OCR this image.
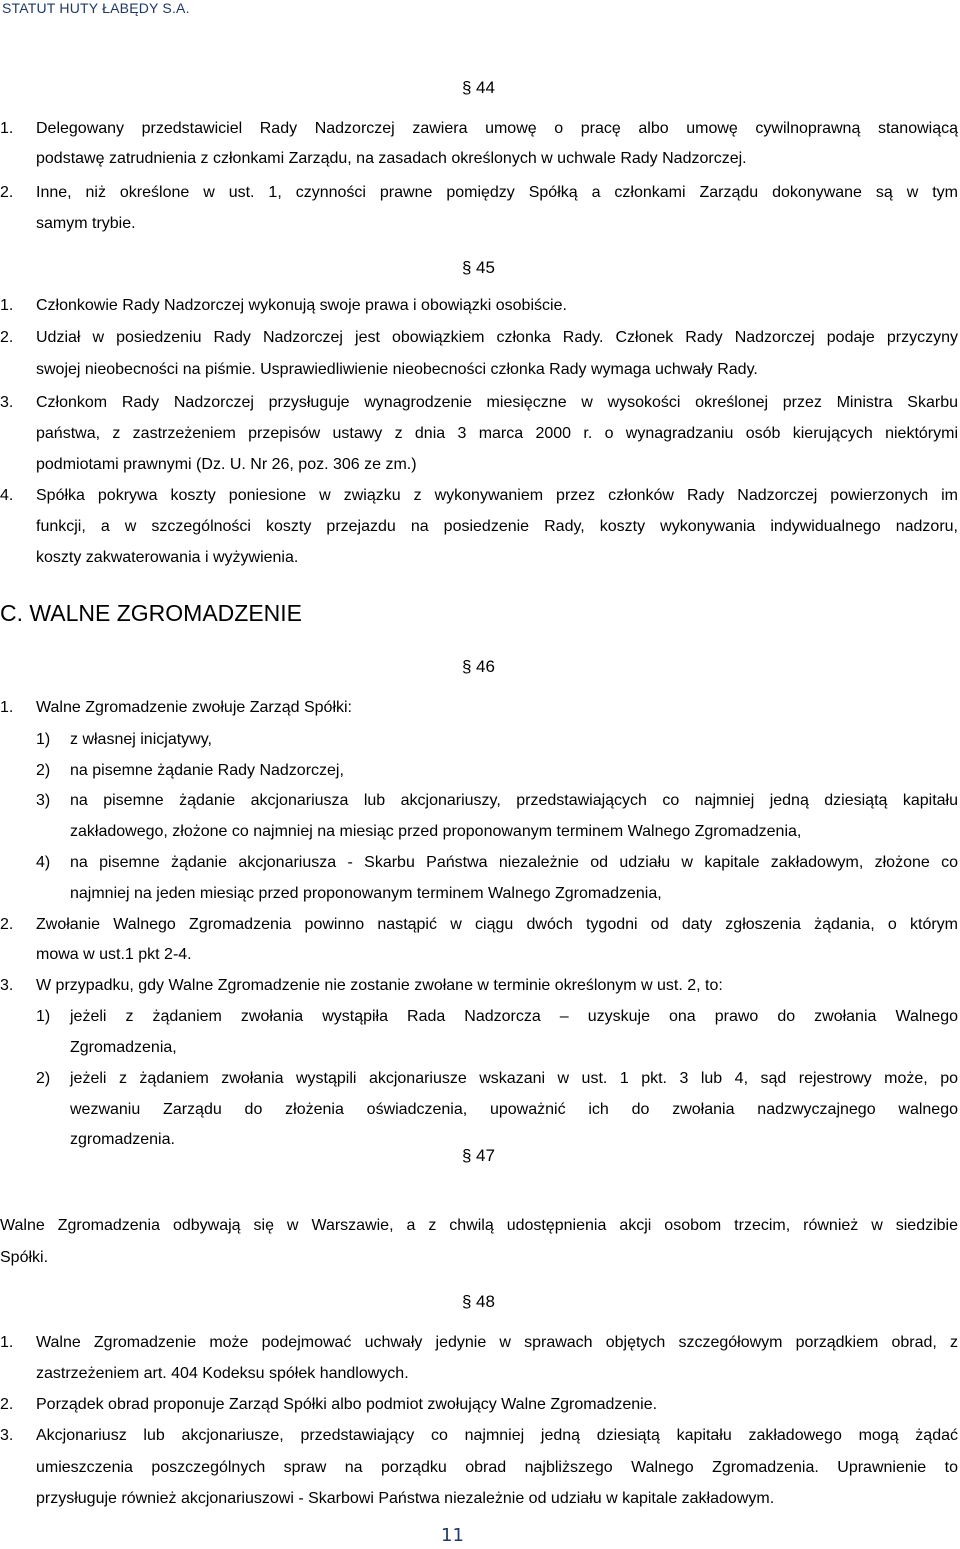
STATUT HUTY ŁABĘDY S.A.
§ 44
1. Delegowany przedstawiciel Rady Nadzorczej zawiera umowę o pracę albo umowę cywilnoprawną stanowiącą
podstawę zatrudnienia z członkami Zarządu, na zasadach określonych w uchwale Rady Nadzorczej.
2. Inne, niż określone w ust. 1, czynności prawne pomiędzy Spółką a członkami Zarządu dokonywane są w tym
samym trybie.
§ 45
1. Członkowie Rady Nadzorczej wykonują swoje prawa i obowiązki osobiście.
2. Udział w posiedzeniu Rady Nadzorczej jest obowiązkiem członka Rady. Członek Rady Nadzorczej podaje przyczyny
swojej nieobecności na piśmie. Usprawiedliwienie nieobecności członka Rady wymaga uchwały Rady.
3. Członkom Rady Nadzorczej przysługuje wynagrodzenie miesięczne w wysokości określonej przez Ministra Skarbu
państwa, z zastrzeżeniem przepisów ustawy z dnia 3 marca 2000 r. o wynagradzaniu osób kierujących niektórymi
podmiotami prawnymi (Dz. U. Nr 26, poz. 306 ze zm.)
4. Spółka pokrywa koszty poniesione w związku z wykonywaniem przez członków Rady Nadzorczej powierzonych im
funkcji, a w szczególności koszty przejazdu na posiedzenie Rady, koszty wykonywania indywidualnego nadzoru,
koszty zakwaterowania i wyżywienia.
C. WALNE ZGROMADZENIE
§ 46
1. Walne Zgromadzenie zwołuje Zarząd Spółki:
1) z własnej inicjatywy,
2) na pisemne żądanie Rady Nadzorczej,
3) na pisemne żądanie akcjonariusza lub akcjonariuszy, przedstawiających co najmniej jedną dziesiątą kapitału
zakładowego, złożone co najmniej na miesiąc przed proponowanym terminem Walnego Zgromadzenia,
4) na pisemne żądanie akcjonariusza - Skarbu Państwa niezależnie od udziału w kapitale zakładowym, złożone co
najmniej na jeden miesiąc przed proponowanym terminem Walnego Zgromadzenia,
2. Zwołanie Walnego Zgromadzenia powinno nastąpić w ciągu dwóch tygodni od daty zgłoszenia żądania, o którym
mowa w ust.1 pkt 2-4.
3. W przypadku, gdy Walne Zgromadzenie nie zostanie zwołane w terminie określonym w ust. 2, to:
1) jeżeli z żądaniem zwołania wystąpiła Rada Nadzorcza – uzyskuje ona prawo do zwołania Walnego
Zgromadzenia,
2) jeżeli z żądaniem zwołania wystąpili akcjonariusze wskazani w ust. 1 pkt. 3 lub 4, sąd rejestrowy może, po
wezwaniu Zarządu do złożenia oświadczenia, upoważnić ich do zwołania nadzwyczajnego walnego
zgromadzenia.
§ 47
Walne Zgromadzenia odbywają się w Warszawie, a z chwilą udostępnienia akcji osobom trzecim, również w siedzibie
Spółki.
§ 48
1. Walne Zgromadzenie może podejmować uchwały jedynie w sprawach objętych szczegółowym porządkiem obrad, z
zastrzeżeniem art. 404 Kodeksu spółek handlowych.
2. Porządek obrad proponuje Zarząd Spółki albo podmiot zwołujący Walne Zgromadzenie.
3. Akcjonariusz lub akcjonariusze, przedstawiający co najmniej jedną dziesiątą kapitału zakładowego mogą żądać
umieszczenia poszczególnych spraw na porządku obrad najbliższego Walnego Zgromadzenia. Uprawnienie to
przysługuje również akcjonariuszowi - Skarbowi Państwa niezależnie od udziału w kapitale zakładowym.
11
